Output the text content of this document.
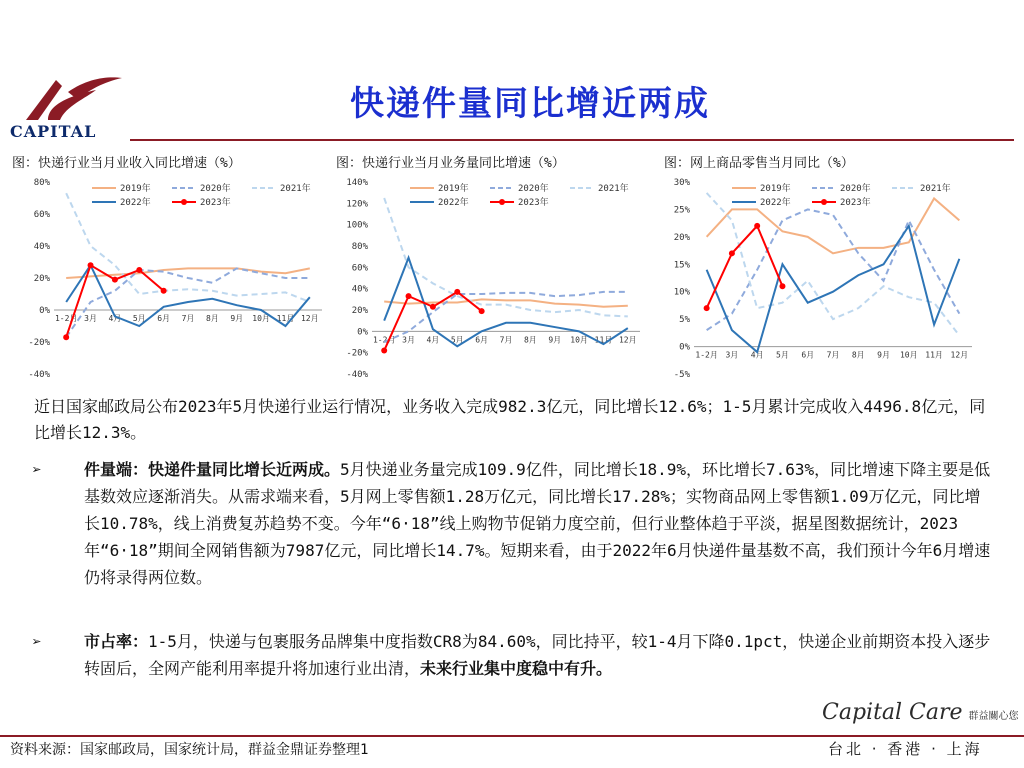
CAPITAL
快递件量同比增近两成
图：快递行业当月业收入同比增速（%）	图：快递行业当月业务量同比增速（%）	图：网上商品零售当月同比（%）
80%
60%
40%
20%
0%
-20%
-40%
1-2月 3月 4月 5月 6月 7月 8月 9月 10月 11月 12月
2019年	2020年	2021年
2022年	2023年
140%
120%
100%
80%
60%
40%
20%
0%
-20%
-40%
1-2月 3月 4月 5月 6月 7月 8月 9月 10月 11月 12月
2019年	2020年	2021年
2022年	2023年
30%
25%
20%
15%
10%
5%
0%
-5%
1-2月 3月 4月 5月 6月 7月 8月 9月 10月 11月 12月
2019年	2020年	2021年
2022年	2023年
近日国家邮政局公布2023年5月快递行业运行情况，业务收入完成982.3亿元，同比增长12.6%；1-5月累计完成收入4496.8亿元，同比增长12.3%。
➢	件量端：快递件量同比增长近两成。5月快递业务量完成109.9亿件，同比增长18.9%，环比增长7.63%，同比增速下降主要是低基数效应逐渐消失。从需求端来看，5月网上零售额1.28万亿元，同比增长17.28%；实物商品网上零售额1.09万亿元，同比增长10.78%，线上消费复苏趋势不变。今年“6·18”线上购物节促销力度空前，但行业整体趋于平淡，据星图数据统计，2023年“6·18”期间全网销售额为7987亿元，同比增长14.7%。短期来看，由于2022年6月快递件量基数不高，我们预计今年6月增速仍将录得两位数。
➢	市占率：1-5月，快递与包裹服务品牌集中度指数CR8为84.60%，同比持平，较1-4月下降0.1pct，快递企业前期资本投入逐步转固后，全网产能利用率提升将加速行业出清，未来行业集中度稳中有升。
Capital Care 群益關心您
资料来源：国家邮政局，国家统计局，群益金鼎证券整理1	台北 · 香港 · 上海
